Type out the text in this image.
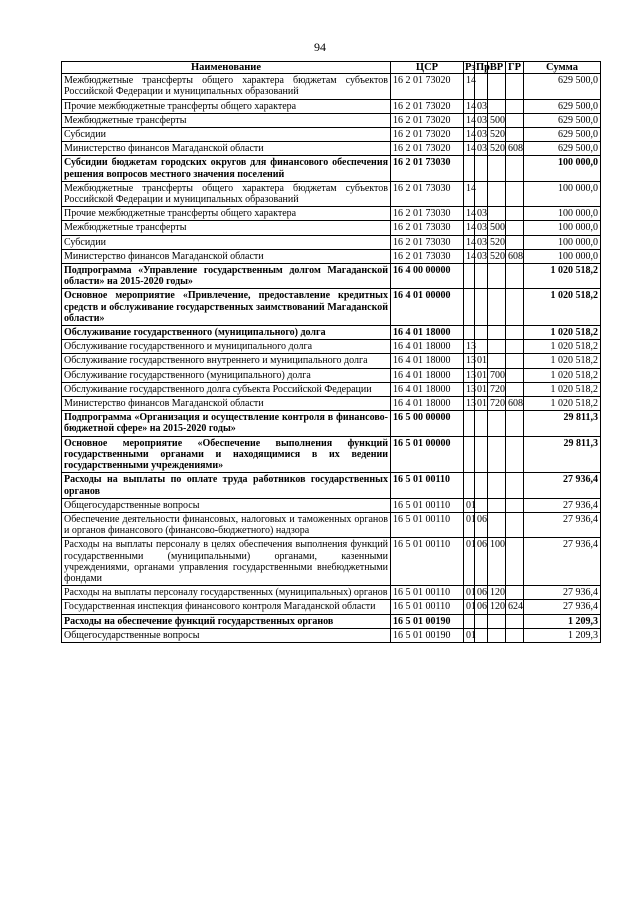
94
Наименование	ЦСР	Рз	Пр	ВР	ГР	Сумма
Межбюджетные трансферты общего характера бюджетам субъектов Российской Федерации и муниципальных образований	16 2 01 73020	14				629 500,0
Прочие межбюджетные трансферты общего характера	16 2 01 73020	14	03			629 500,0
Межбюджетные трансферты	16 2 01 73020	14	03	500		629 500,0
Субсидии	16 2 01 73020	14	03	520		629 500,0
Министерство финансов Магаданской области	16 2 01 73020	14	03	520	608	629 500,0
Субсидии бюджетам городских округов для финансового обеспечения решения вопросов местного значения поселений	16 2 01 73030					100 000,0
Межбюджетные трансферты общего характера бюджетам субъектов Российской Федерации и муниципальных образований	16 2 01 73030	14				100 000,0
Прочие межбюджетные трансферты общего характера	16 2 01 73030	14	03			100 000,0
Межбюджетные трансферты	16 2 01 73030	14	03	500		100 000,0
Субсидии	16 2 01 73030	14	03	520		100 000,0
Министерство финансов Магаданской области	16 2 01 73030	14	03	520	608	100 000,0
Подпрограмма «Управление государственным долгом Магаданской области» на 2015-2020 годы»	16 4 00 00000					1 020 518,2
Основное мероприятие «Привлечение, предоставление кредитных средств и обслуживание государственных заимствований Магаданской области»	16 4 01 00000					1 020 518,2
Обслуживание государственного (муниципального) долга	16 4 01 18000					1 020 518,2
Обслуживание государственного и муниципального долга	16 4 01 18000	13				1 020 518,2
Обслуживание государственного внутреннего и муниципального долга	16 4 01 18000	13	01			1 020 518,2
Обслуживание государственного (муниципального) долга	16 4 01 18000	13	01	700		1 020 518,2
Обслуживание государственного долга субъекта Российской Федерации	16 4 01 18000	13	01	720		1 020 518,2
Министерство финансов Магаданской области	16 4 01 18000	13	01	720	608	1 020 518,2
Подпрограмма «Организация и осуществление контроля в финансово-бюджетной сфере» на 2015-2020 годы»	16 5 00 00000					29 811,3
Основное мероприятие «Обеспечение выполнения функций государственными органами и находящимися в их ведении государственными учреждениями»	16 5 01 00000					29 811,3
Расходы на выплаты по оплате труда работников государственных органов	16 5 01 00110					27 936,4
Общегосударственные вопросы	16 5 01 00110	01				27 936,4
Обеспечение деятельности финансовых, налоговых и таможенных органов и органов финансового (финансово-бюджетного) надзора	16 5 01 00110	01	06			27 936,4
Расходы на выплаты персоналу в целях обеспечения выполнения функций государственными (муниципальными) органами, казенными учреждениями, органами управления государственными внебюджетными фондами	16 5 01 00110	01	06	100		27 936,4
Расходы на выплаты персоналу государственных (муниципальных) органов	16 5 01 00110	01	06	120		27 936,4
Государственная инспекция финансового контроля Магаданской области	16 5 01 00110	01	06	120	624	27 936,4
Расходы на обеспечение функций государственных органов	16 5 01 00190					1 209,3
Общегосударственные вопросы	16 5 01 00190	01				1 209,3
